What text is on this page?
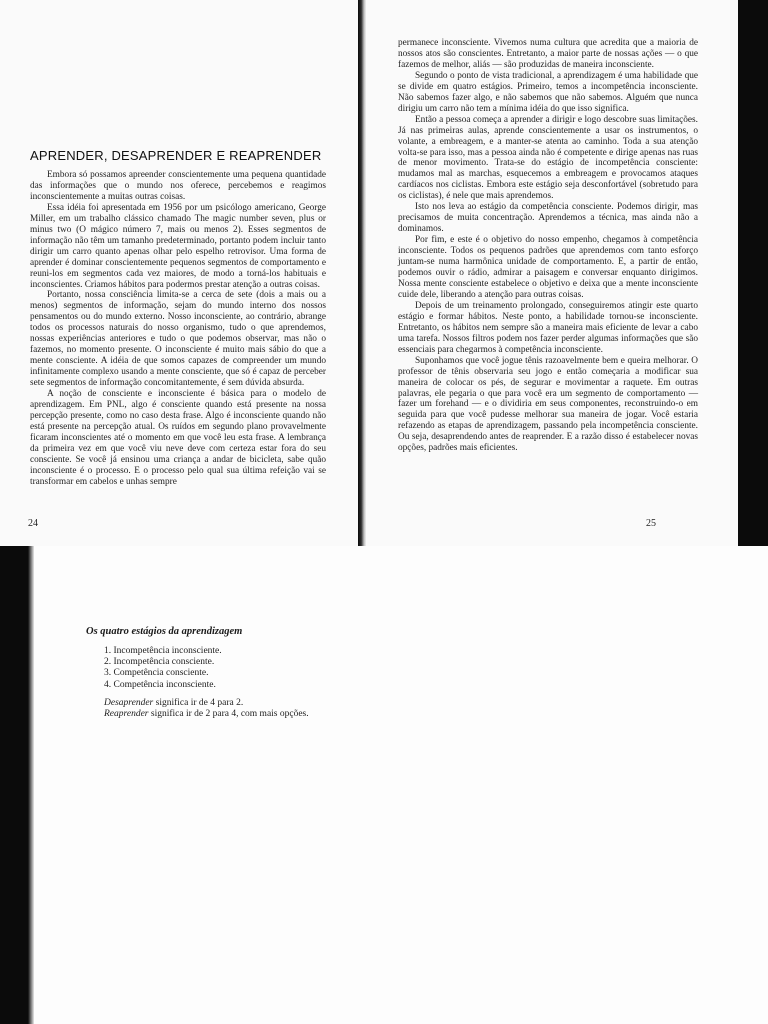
APRENDER, DESAPRENDER E REAPRENDER

Embora só possamos apreender conscientemente uma pequena quantidade das informações que o mundo nos oferece, percebemos e reagimos inconscientemente a muitas outras coisas.

Essa idéia foi apresentada em 1956 por um psicólogo americano, George Miller, em um trabalho clássico chamado The magic number seven, plus or minus two (O mágico número 7, mais ou menos 2). Esses segmentos de informação não têm um tamanho predeterminado, portanto podem incluir tanto dirigir um carro quanto apenas olhar pelo espelho retrovisor. Uma forma de aprender é dominar conscientemente pequenos segmentos de comportamento e reuni-los em segmentos cada vez maiores, de modo a torná-los habituais e inconscientes. Criamos hábitos para podermos prestar atenção a outras coisas.

Portanto, nossa consciência limita-se a cerca de sete (dois a mais ou a menos) segmentos de informação, sejam do mundo interno dos nossos pensamentos ou do mundo externo. Nosso inconsciente, ao contrário, abrange todos os processos naturais do nosso organismo, tudo o que aprendemos, nossas experiências anteriores e tudo o que podemos observar, mas não o fazemos, no momento presente. O inconsciente é muito mais sábio do que a mente consciente. A idéia de que somos capazes de compreender um mundo infinitamente complexo usando a mente consciente, que só é capaz de perceber sete segmentos de informação concomitantemente, é sem dúvida absurda.

A noção de consciente e inconsciente é básica para o modelo de aprendizagem. Em PNL, algo é consciente quando está presente na nossa percepção presente, como no caso desta frase. Algo é inconsciente quando não está presente na percepção atual. Os ruídos em segundo plano provavelmente ficaram inconscientes até o momento em que você leu esta frase. A lembrança da primeira vez em que você viu neve deve com certeza estar fora do seu consciente. Se você já ensinou uma criança a andar de bicicleta, sabe quão inconsciente é o processo. E o processo pelo qual sua última refeição vai se transformar em cabelos e unhas sempre

24

permanece inconsciente. Vivemos numa cultura que acredita que a maioria de nossos atos são conscientes. Entretanto, a maior parte de nossas ações — o que fazemos de melhor, aliás — são produzidas de maneira inconsciente.

Segundo o ponto de vista tradicional, a aprendizagem é uma habilidade que se divide em quatro estágios. Primeiro, temos a incompetência inconsciente. Não sabemos fazer algo, e não sabemos que não sabemos. Alguém que nunca dirigiu um carro não tem a mínima idéia do que isso significa.

Então a pessoa começa a aprender a dirigir e logo descobre suas limitações. Já nas primeiras aulas, aprende conscientemente a usar os instrumentos, o volante, a embreagem, e a manter-se atenta ao caminho. Toda a sua atenção volta-se para isso, mas a pessoa ainda não é competente e dirige apenas nas ruas de menor movimento. Trata-se do estágio de incompetência consciente: mudamos mal as marchas, esquecemos a embreagem e provocamos ataques cardíacos nos ciclistas. Embora este estágio seja desconfortável (sobretudo para os ciclistas), é nele que mais aprendemos.

Isto nos leva ao estágio da competência consciente. Podemos dirigir, mas precisamos de muita concentração. Aprendemos a técnica, mas ainda não a dominamos.

Por fim, e este é o objetivo do nosso empenho, chegamos à competência inconsciente. Todos os pequenos padrões que aprendemos com tanto esforço juntam-se numa harmônica unidade de comportamento. E, a partir de então, podemos ouvir o rádio, admirar a paisagem e conversar enquanto dirigimos. Nossa mente consciente estabelece o objetivo e deixa que a mente inconsciente cuide dele, liberando a atenção para outras coisas.

Depois de um treinamento prolongado, conseguiremos atingir este quarto estágio e formar hábitos. Neste ponto, a habilidade tornou-se inconsciente. Entretanto, os hábitos nem sempre são a maneira mais eficiente de levar a cabo uma tarefa. Nossos filtros podem nos fazer perder algumas informações que são essenciais para chegarmos à competência inconsciente.

Suponhamos que você jogue tênis razoavelmente bem e queira melhorar. O professor de tênis observaria seu jogo e então começaria a modificar sua maneira de colocar os pés, de segurar e movimentar a raquete. Em outras palavras, ele pegaria o que para você era um segmento de comportamento — fazer um forehand — e o dividiria em seus componentes, reconstruindo-o em seguida para que você pudesse melhorar sua maneira de jogar. Você estaria refazendo as etapas de aprendizagem, passando pela incompetência consciente. Ou seja, desaprendendo antes de reaprender. E a razão disso é estabelecer novas opções, padrões mais eficientes.

25
Os quatro estágios da aprendizagem
1. Incompetência inconsciente.
2. Incompetência consciente.
3. Competência consciente.
4. Competência inconsciente.

Desaprender significa ir de 4 para 2.

Reaprender significa ir de 2 para 4, com mais opções.
